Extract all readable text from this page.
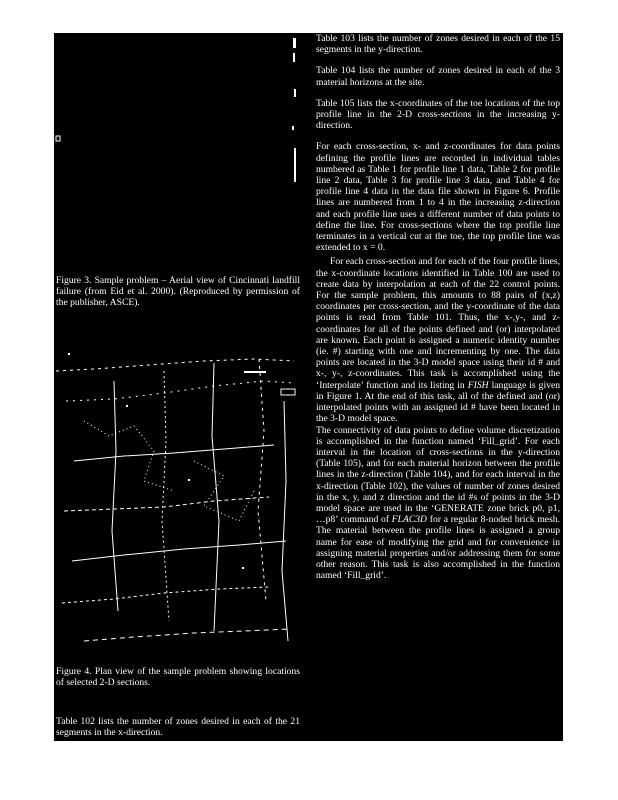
Figure 3. Sample problem – Aerial view of Cincinnati landfill failure (from Eid et al. 2000). (Reproduced by permission of the publisher, ASCE).

Figure 4. Plan view of the sample problem showing locations of selected 2-D sections.

Table 102 lists the number of zones desired in each of the 21 segments in the x-direction.

Table 103 lists the number of zones desired in each of the 15 segments in the y-direction.

Table 104 lists the number of zones desired in each of the 3 material horizons at the site.

Table 105 lists the x-coordinates of the toe locations of the top profile line in the 2-D cross-sections in the increasing y-direction.

For each cross-section, x- and z-coordinates for data points defining the profile lines are recorded in individual tables numbered as Table 1 for profile line 1 data, Table 2 for profile line 2 data, Table 3 for profile line 3 data, and Table 4 for profile line 4 data in the data file shown in Figure 6. Profile lines are numbered from 1 to 4 in the increasing z-direction and each profile line uses a different number of data points to define the line. For cross-sections where the top profile line terminates in a vertical cut at the toe, the top profile line was extended to x = 0.

For each cross-section and for each of the four profile lines, the x-coordinate locations identified in Table 100 are used to create data by interpolation at each of the 22 control points. For the sample problem, this amounts to 88 pairs of (x,z) coordinates per cross-section, and the y-coordinate of the data points is read from Table 101. Thus, the x-,y-, and z-coordinates for all of the points defined and (or) interpolated are known. Each point is assigned a numeric identity number (ie. #) starting with one and incrementing by one. The data points are located in the 3-D model space using their id # and x-, y-, z-coordinates. This task is accomplished using the ‘Interpolate’ function and its listing in FISH language is given in Figure 1. At the end of this task, all of the defined and (or) interpolated points with an assigned id # have been located in the 3-D model space.

The connectivity of data points to define volume discretization is accomplished in the function named ‘Fill_grid’. For each interval in the location of cross-sections in the y-direction (Table 105), and for each material horizon between the profile lines in the z-direction (Table 104), and for each interval in the x-direction (Table 102), the values of number of zones desired in the x, y, and z direction and the id #s of points in the 3-D model space are used in the ‘GENERATE zone brick p0, p1, …p8’ command of FLAC3D for a regular 8-noded brick mesh. The material between the profile lines is assigned a group name for ease of modifying the grid and for convenience in assigning material properties and/or addressing them for some other reason. This task is also accomplished in the function named ‘Fill_grid’.
